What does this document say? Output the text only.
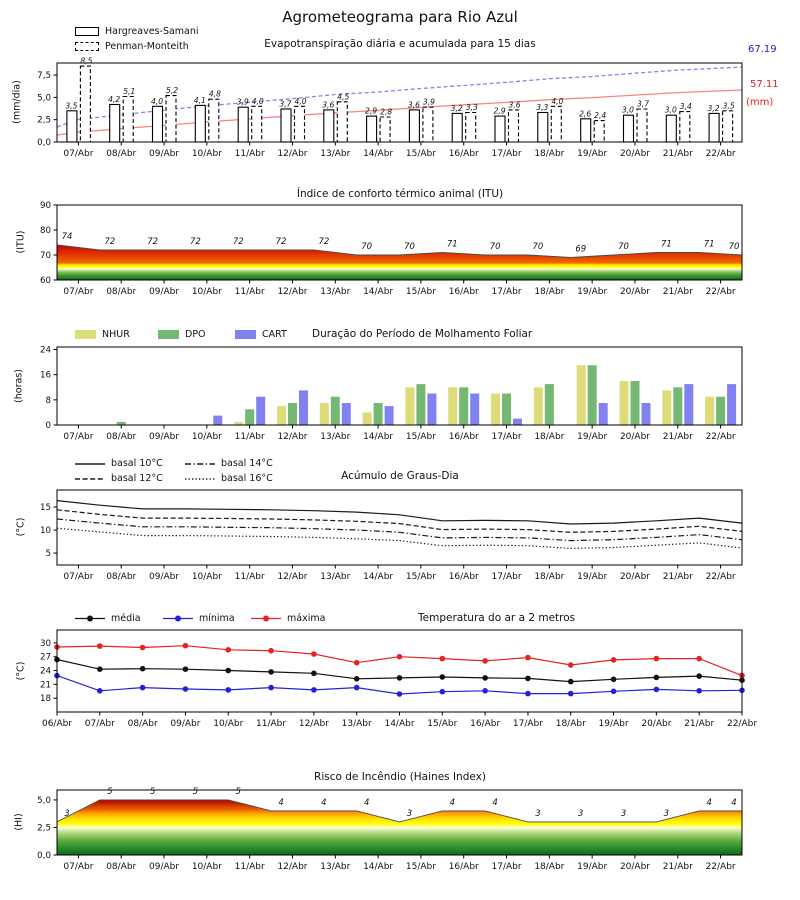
3,5
8,5
4,2
5,1
4,0
5,2
4,1
4,8
3,9 4,0 3,7 4,0 3,6
4,5
2,9 2,8
3,6 3,9
3,2 3,3 2,9
3,6 3,3
4,0
2,6 2,4
3,0
3,7
3,0 3,4 3,2 3,5
0,0
2,5
5,0
7,5
07/Abr 08/Abr 09/Abr 10/Abr 11/Abr 12/Abr 13/Abr 14/Abr 15/Abr 16/Abr 17/Abr 18/Abr 19/Abr 20/Abr 21/Abr 22/Abr
74	72	72	72	72	72	72	70	70	71	70	70	69	70	71	71 70
60
70
80
90
07/Abr 08/Abr 09/Abr 10/Abr 11/Abr 12/Abr 13/Abr 14/Abr 15/Abr 16/Abr 17/Abr 18/Abr 19/Abr 20/Abr 21/Abr 22/Abr
0
8
16
24
07/Abr 08/Abr 09/Abr 10/Abr 11/Abr 12/Abr 13/Abr 14/Abr 15/Abr 16/Abr 17/Abr 18/Abr 19/Abr 20/Abr 21/Abr 22/Abr
5
10
15
07/Abr 08/Abr 09/Abr 10/Abr 11/Abr 12/Abr 13/Abr 14/Abr 15/Abr 16/Abr 17/Abr 18/Abr 19/Abr 20/Abr 21/Abr 22/Abr
18
21
24
27
30
06/Abr 07/Abr 08/Abr 09/Abr 10/Abr 11/Abr 12/Abr 13/Abr 14/Abr 15/Abr 16/Abr 17/Abr 18/Abr 19/Abr 20/Abr 21/Abr 22/Abr
3
5	5	5	5
4	4	4
3
4	4
3	3	3	3
4 4
0,0
2,5
5,0
07/Abr 08/Abr 09/Abr 10/Abr 11/Abr 12/Abr 13/Abr 14/Abr 15/Abr 16/Abr 17/Abr 18/Abr 19/Abr 20/Abr 21/Abr 22/Abr
Agrometeograma para Rio Azul
Evapotranspiração diária e acumulada para 15 dias
Hargreaves-Samani
Penman-Monteith
(mm/dia)
67.19
57.11
(mm)
Índice de conforto térmico animal (ITU)
(ITU)
Duração do Período de Molhamento Foliar
NHUR	DPO	CART
(horas)
Acúmulo de Graus-Dia
basal 10°C
basal 12°C
basal 14°C
basal 16°C
(°C)
Temperatura do ar a 2 metros
média	mínima	máxima
(°C)
Risco de Incêndio (Haines Index)
(HI)
